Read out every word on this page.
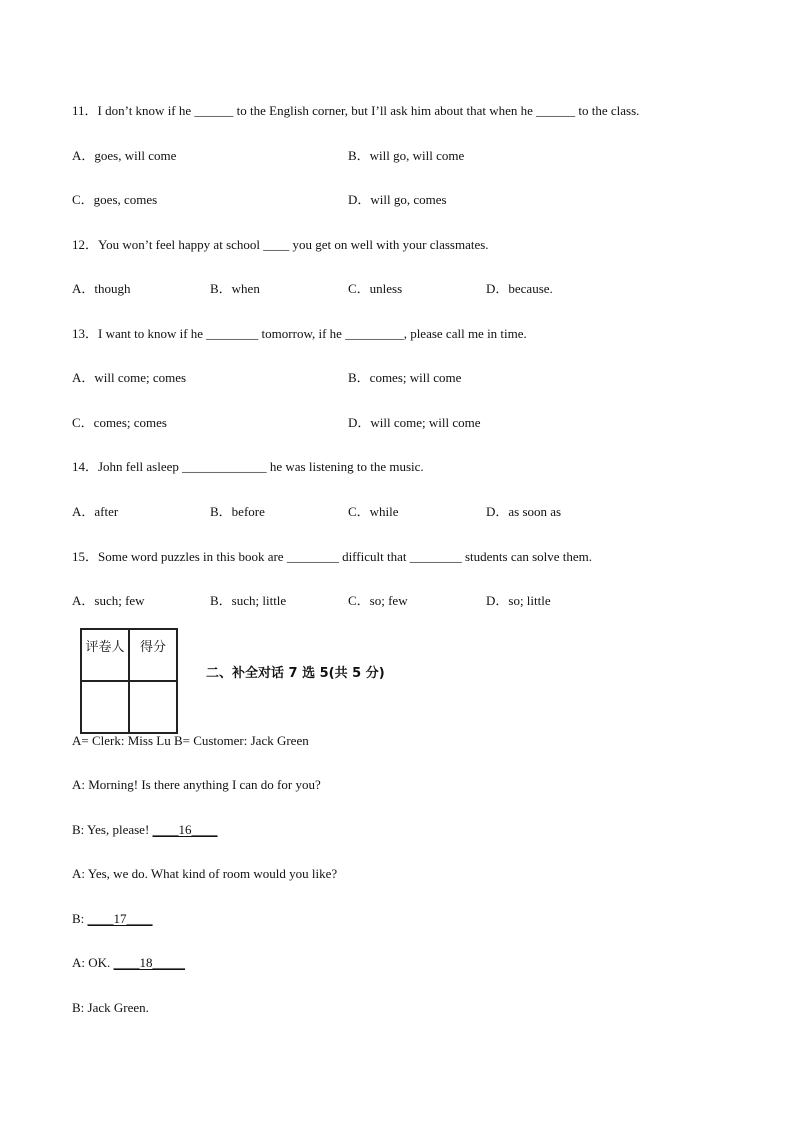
11．I don’t know if he ______ to the English corner, but I’ll ask him about that when he ______ to the class.
A．goes, will come	B．will go, will come
C．goes, comes	D．will go, comes
12．You won’t feel happy at school ____ you get on well with your classmates.
A．though	B．when	C．unless	D．because.
13．I want to know if he ________ tomorrow, if he _________, please call me in time.
A．will come; comes	B．comes; will come
C．comes; comes	D．will come; will come
14．John fell asleep _____________ he was listening to the music.
A．after	B．before	C．while	D．as soon as
15．Some word puzzles in this book are ________ difficult that ________ students can solve them.
A．such; few	B．such; little	C．so; few	D．so; little
评卷人	得分

二、补全对话 7 选 5(共 5 分)
A= Clerk: Miss Lu B= Customer: Jack Green
A: Morning! Is there anything I can do for you?
B: Yes, please! ____16____
A: Yes, we do. What kind of room would you like?
B: ____17____
A: OK. ____18_____
B: Jack Green.
